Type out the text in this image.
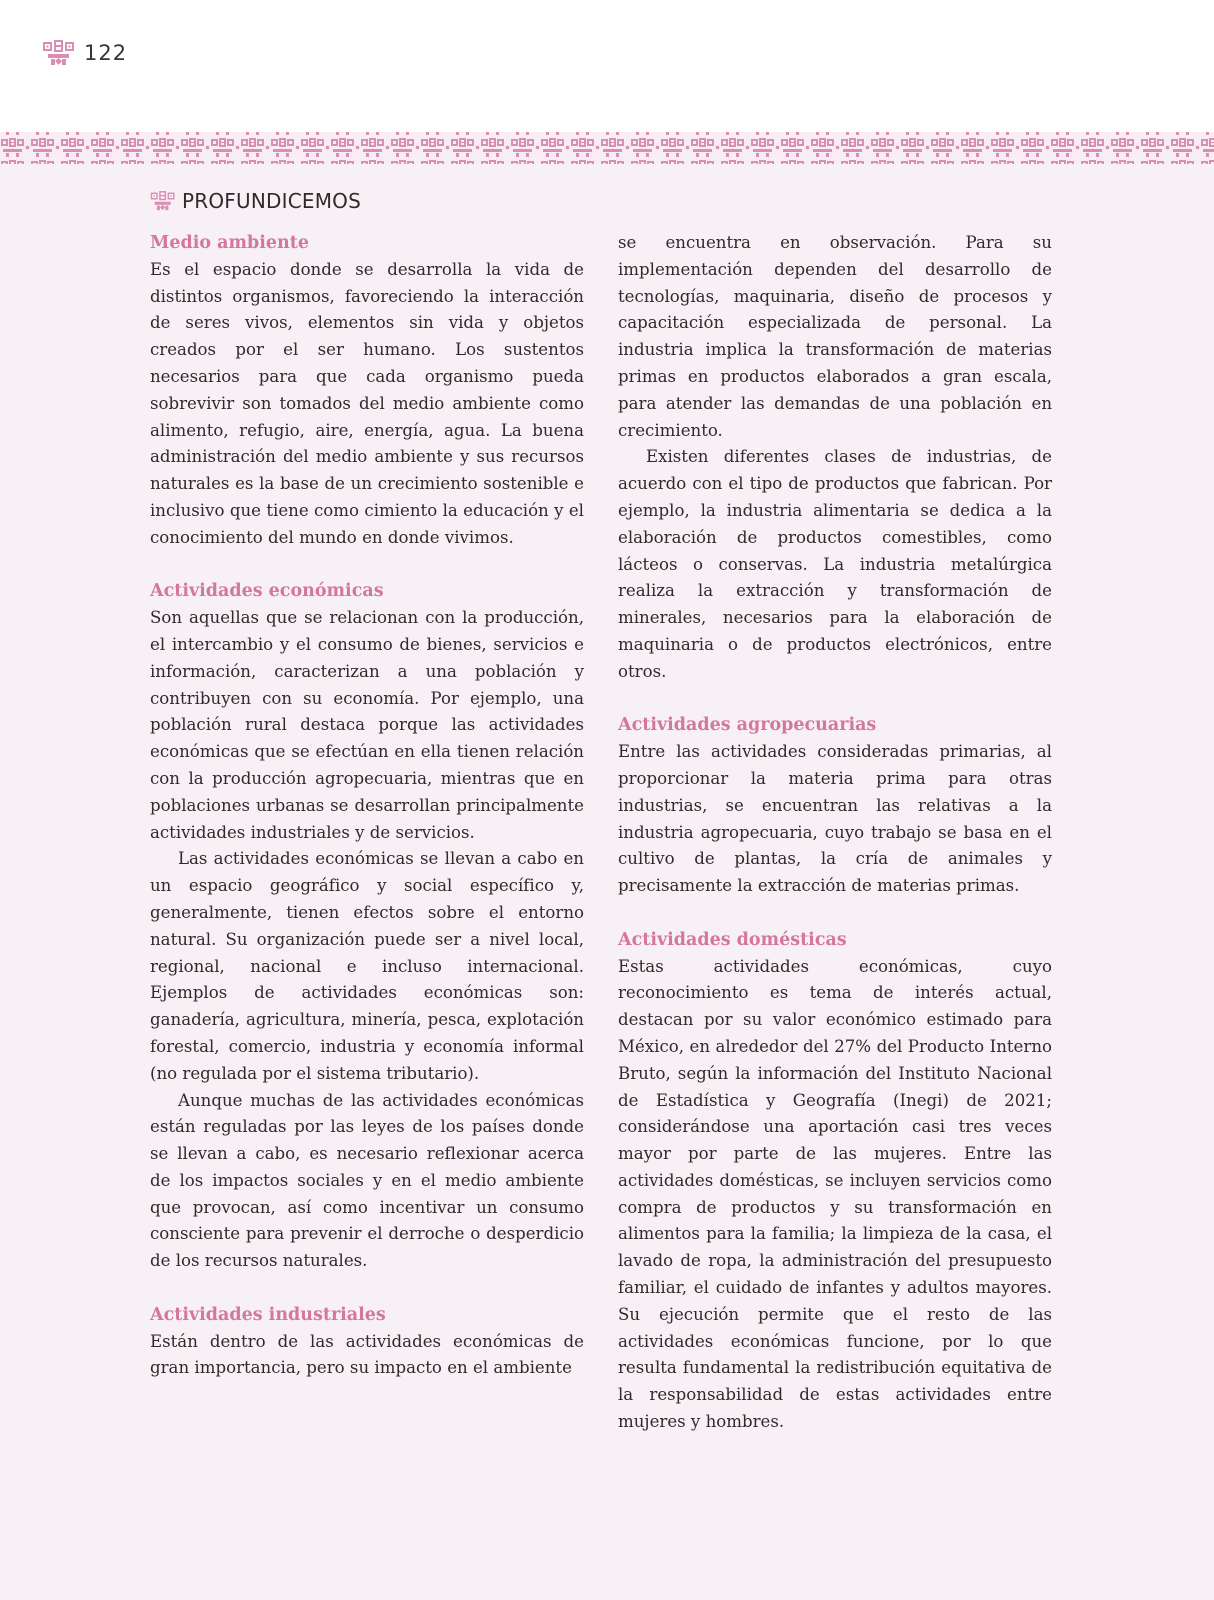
122
PROFUNDICEMOS
Medio ambiente

Es el espacio donde se desarrolla la vida de distintos organismos, favoreciendo la interacción de seres vivos, elementos sin vida y objetos creados por el ser humano. Los sustentos necesarios para que cada organismo pueda sobrevivir son tomados del medio ambiente como alimento, refugio, aire, energía, agua. La buena administración del medio ambiente y sus recursos naturales es la base de un crecimiento sostenible e inclusivo que tiene como cimiento la educación y el conocimiento del mundo en donde vivimos.

Actividades económicas

Son aquellas que se relacionan con la producción, el intercambio y el consumo de bienes, servicios e información, caracterizan a una población y contribuyen con su economía. Por ejemplo, una población rural destaca porque las actividades económicas que se efectúan en ella tienen relación con la producción agropecuaria, mientras que en poblaciones urbanas se desarrollan principalmente actividades industriales y de servicios.

Las actividades económicas se llevan a cabo en un espacio geográfico y social específico y, generalmente, tienen efectos sobre el entorno natural. Su organización puede ser a nivel local, regional, nacional e incluso internacional. Ejemplos de actividades económicas son: ganadería, agricultura, minería, pesca, explotación forestal, comercio, industria y economía informal (no regulada por el sistema tributario).

Aunque muchas de las actividades económicas están reguladas por las leyes de los países donde se llevan a cabo, es necesario reflexionar acerca de los impactos sociales y en el medio ambiente que provocan, así como incentivar un consumo consciente para prevenir el derroche o desperdicio de los recursos naturales.

Actividades industriales

Están dentro de las actividades económicas de gran importancia, pero su impacto en el ambiente

se encuentra en observación. Para su implementación dependen del desarrollo de tecnologías, maquinaria, diseño de procesos y capacitación especializada de personal. La industria implica la transformación de materias primas en productos elaborados a gran escala, para atender las demandas de una población en crecimiento.

Existen diferentes clases de industrias, de acuerdo con el tipo de productos que fabrican. Por ejemplo, la industria alimentaria se dedica a la elaboración de productos comestibles, como lácteos o conservas. La industria metalúrgica realiza la extracción y transformación de minerales, necesarios para la elaboración de maquinaria o de productos electrónicos, entre otros.

Actividades agropecuarias

Entre las actividades consideradas primarias, al proporcionar la materia prima para otras industrias, se encuentran las relativas a la industria agropecuaria, cuyo trabajo se basa en el cultivo de plantas, la cría de animales y precisamente la extracción de materias primas.

Actividades domésticas

Estas actividades económicas, cuyo reconocimiento es tema de interés actual, destacan por su valor económico estimado para México, en alrededor del 27% del Producto Interno Bruto, según la información del Instituto Nacional de Estadística y Geografía (Inegi) de 2021; considerándose una aportación casi tres veces mayor por parte de las mujeres. Entre las actividades domésticas, se incluyen servicios como compra de productos y su transformación en alimentos para la familia; la limpieza de la casa, el lavado de ropa, la administración del presupuesto familiar, el cuidado de infantes y adultos mayores. Su ejecución permite que el resto de las actividades económicas funcione, por lo que resulta fundamental la redistribución equitativa de la responsabilidad de estas actividades entre mujeres y hombres.
